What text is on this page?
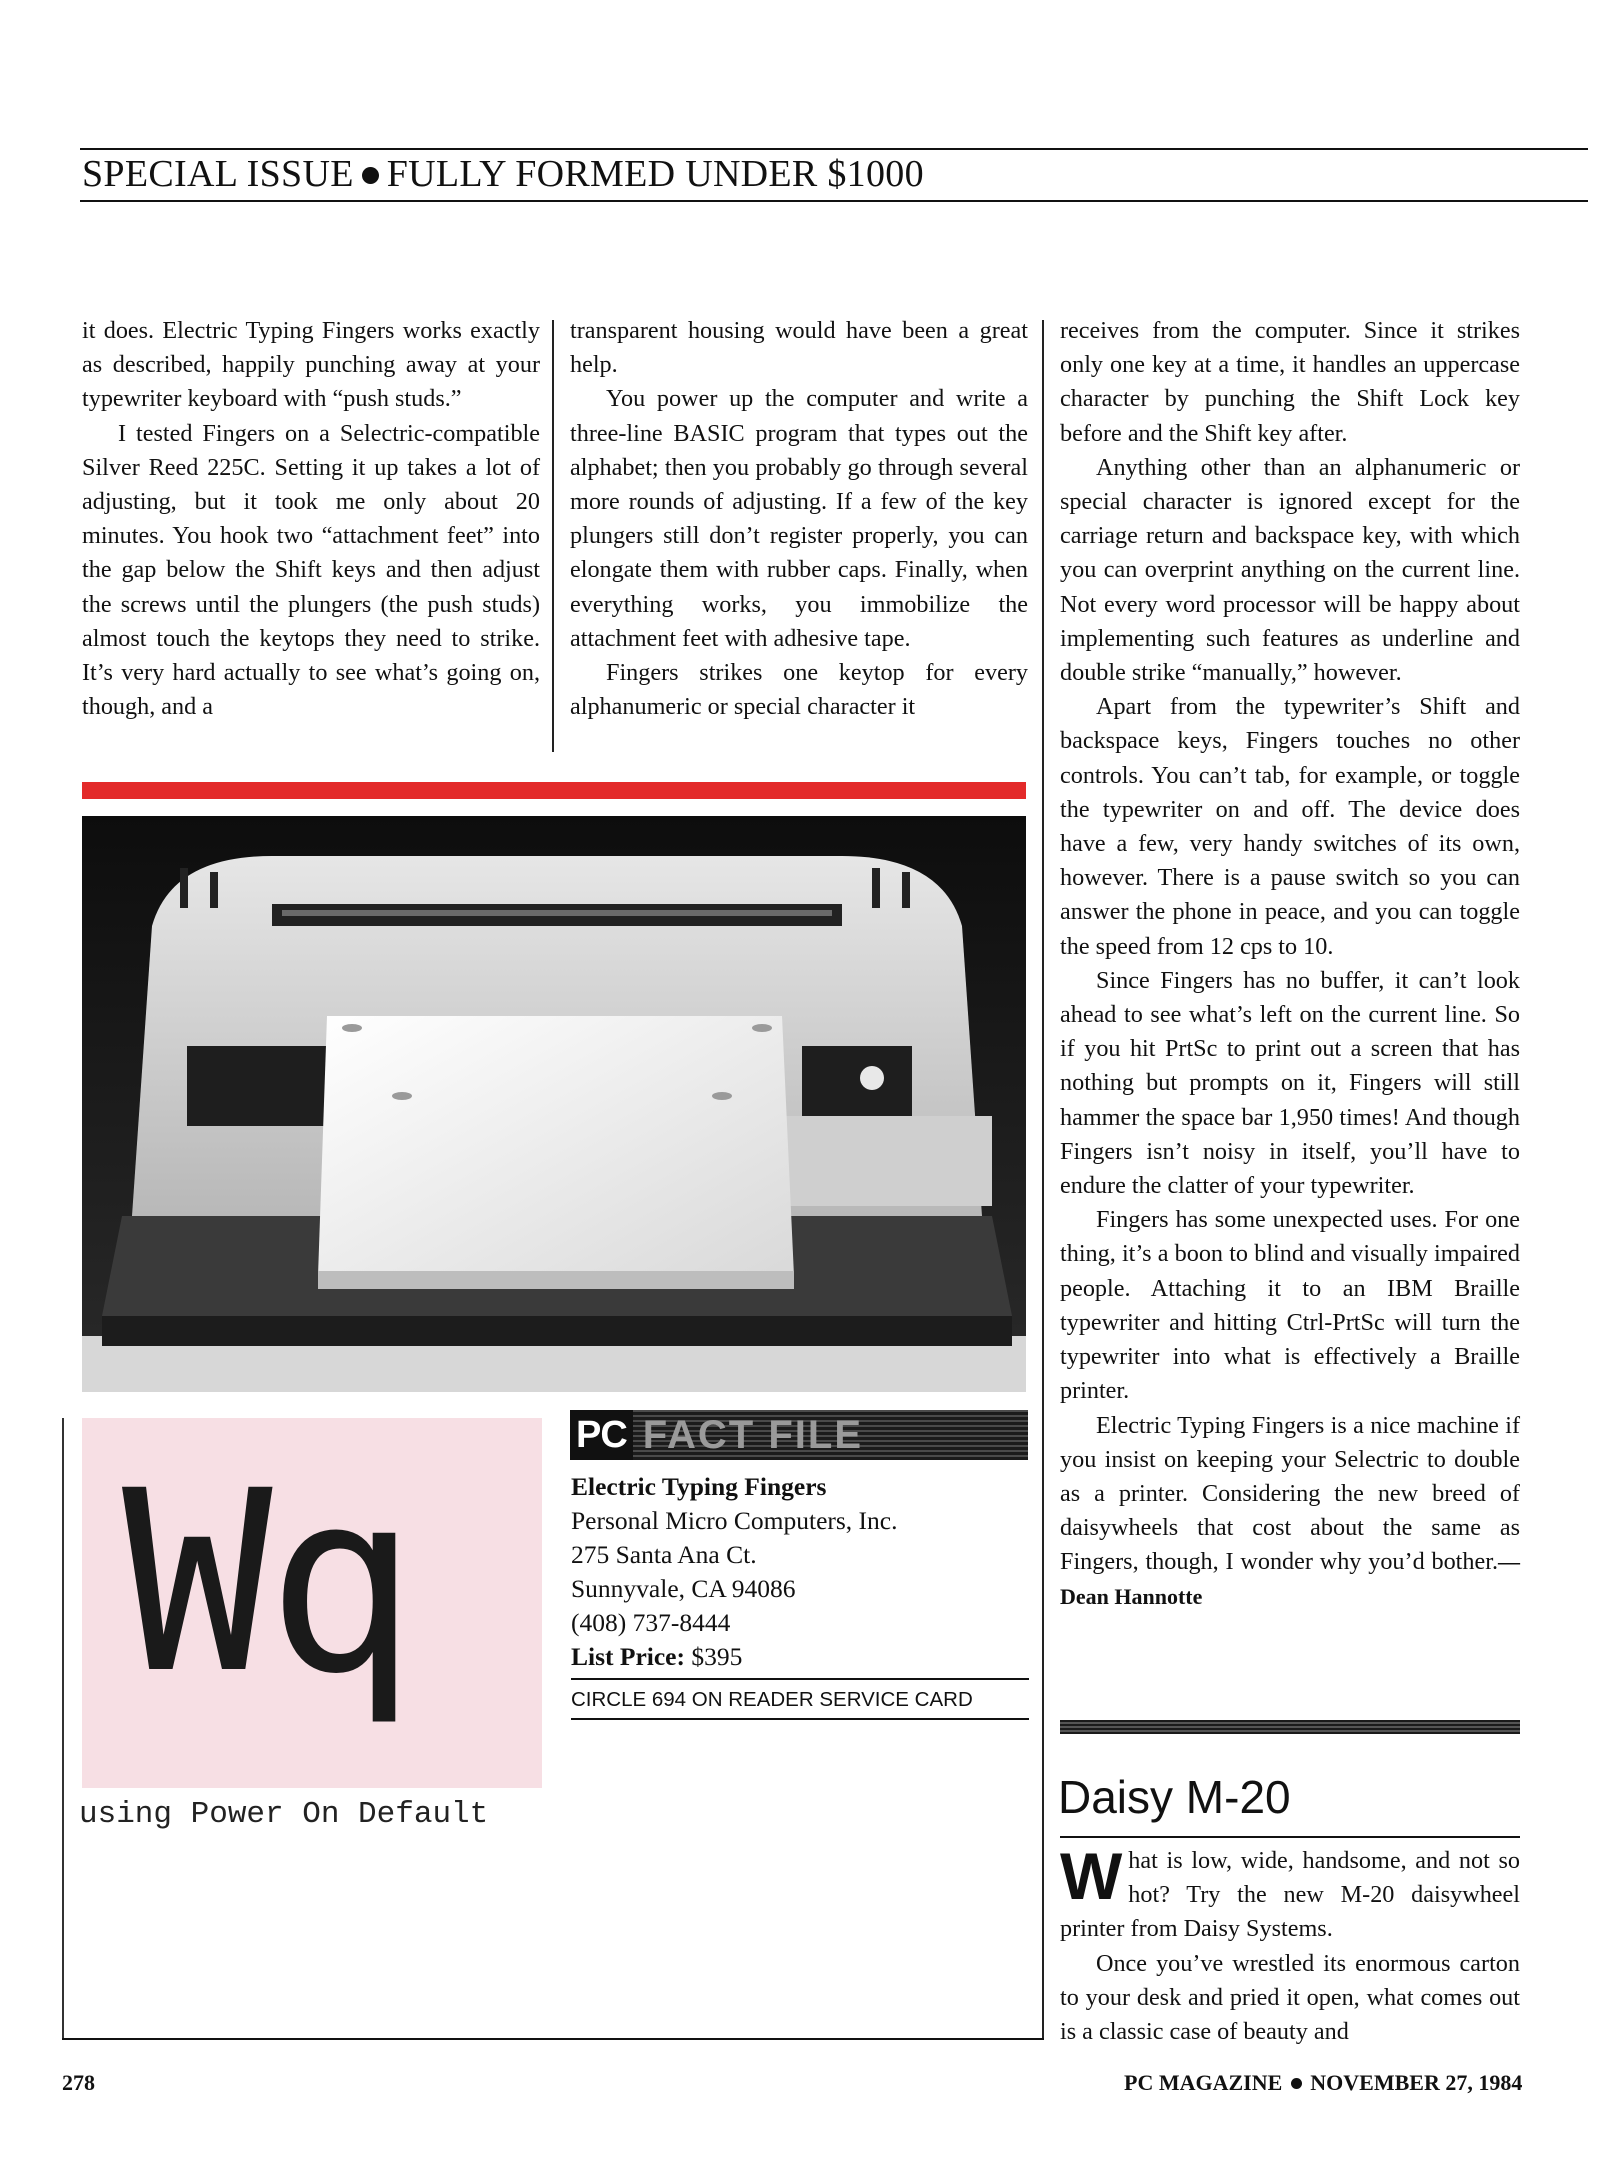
SPECIAL ISSUE FULLY FORMED UNDER $1000

it does. Electric Typing Fingers works exactly as described, happily punching away at your typewriter keyboard with “push studs.”

I tested Fingers on a Selectric-compatible Silver Reed 225C. Setting it up takes a lot of adjusting, but it took me only about 20 minutes. You hook two “attachment feet” into the gap below the Shift keys and then adjust the screws until the plungers (the push studs) almost touch the keytops they need to strike. It’s very hard actually to see what’s going on, though, and a

transparent housing would have been a great help.

You power up the computer and write a three-line BASIC program that types out the alphabet; then you probably go through several more rounds of adjusting. If a few of the key plungers still don’t register properly, you can elongate them with rubber caps. Finally, when everything works, you immobilize the attachment feet with adhesive tape.

Fingers strikes one keytop for every alphanumeric or special character it

receives from the computer. Since it strikes only one key at a time, it handles an uppercase character by punching the Shift Lock key before and the Shift key after.

Anything other than an alphanumeric or special character is ignored except for the carriage return and backspace key, with which you can overprint anything on the current line. Not every word processor will be happy about implementing such features as underline and double strike “manually,” however.

Apart from the typewriter’s Shift and backspace keys, Fingers touches no other controls. You can’t tab, for example, or toggle the typewriter on and off. The device does have a few, very handy switches of its own, however. There is a pause switch so you can answer the phone in peace, and you can toggle the speed from 12 cps to 10.

Since Fingers has no buffer, it can’t look ahead to see what’s left on the current line. So if you hit PrtSc to print out a screen that has nothing but prompts on it, Fingers will still hammer the space bar 1,950 times! And though Fingers isn’t noisy in itself, you’ll have to endure the clatter of your typewriter.

Fingers has some unexpected uses. For one thing, it’s a boon to blind and visually impaired people. Attaching it to an IBM Braille typewriter and hitting Ctrl-PrtSc will turn the typewriter into what is effectively a Braille printer.

Electric Typing Fingers is a nice machine if you insist on keeping your Selectric to double as a printer. Considering the new breed of daisywheels that cost about the same as Fingers, though, I wonder why you’d bother.—Dean Hannotte

Wq
using Power On Default
PC FACT FILE
Electric Typing Fingers
Personal Micro Computers, Inc.
275 Santa Ana Ct.
Sunnyvale, CA 94086
(408) 737-8444
List Price: $395
CIRCLE 694 ON READER SERVICE CARD
Daisy M-20

What is low, wide, handsome, and not so hot? Try the new M-20 daisywheel printer from Daisy Systems.

Once you’ve wrestled its enormous carton to your desk and pried it open, what comes out is a classic case of beauty and

278	PC MAGAZINE NOVEMBER 27, 1984
